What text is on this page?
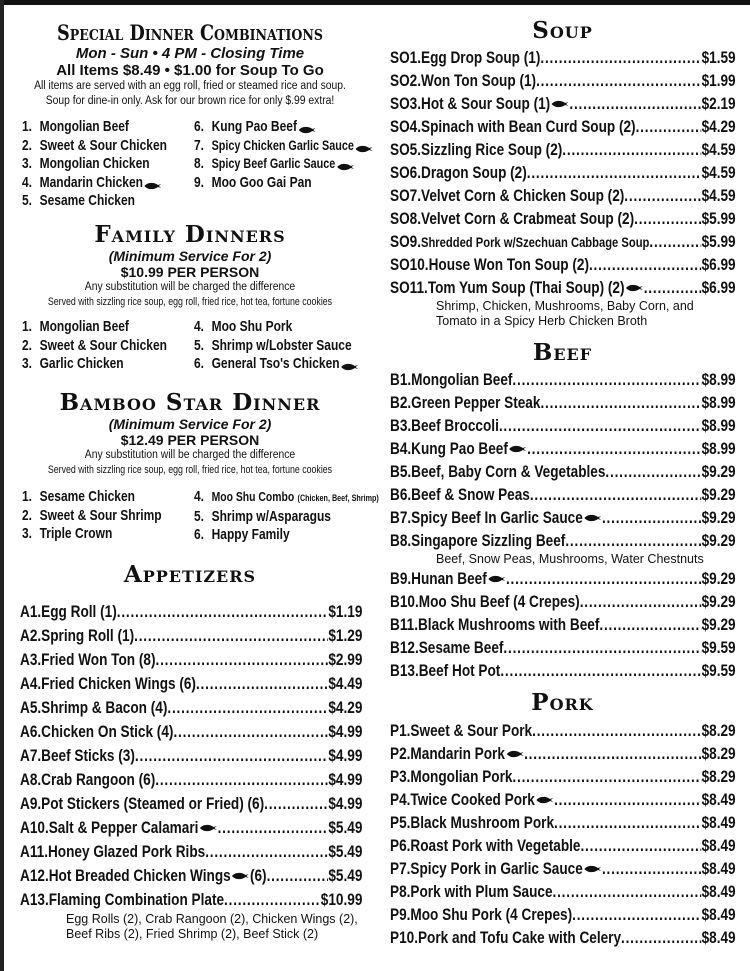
Special Dinner Combinations
Mon - Sun • 4 PM - Closing Time
All Items $8.49 • $1.00 for Soup To Go
All items are served with an egg roll, fried or steamed rice and soup.
Soup for dine-in only. Ask for our brown rice for only $.99 extra!
1. Mongolian Beef
2. Sweet & Sour Chicken
3. Mongolian Chicken
4. Mandarin Chicken
5. Sesame Chicken
6. Kung Pao Beef
7. Spicy Chicken Garlic Sauce
8. Spicy Beef Garlic Sauce
9. Moo Goo Gai Pan
Family Dinners
(Minimum Service For 2)
$10.99 PER PERSON
Any substitution will be charged the difference
Served with sizzling rice soup, egg roll, fried rice, hot tea, fortune cookies
1. Mongolian Beef
2. Sweet & Sour Chicken
3. Garlic Chicken
4. Moo Shu Pork
5. Shrimp w/Lobster Sauce
6. General Tso's Chicken
Bamboo Star Dinner
(Minimum Service For 2)
$12.49 PER PERSON
Any substitution will be charged the difference
Served with sizzling rice soup, egg roll, fried rice, hot tea, fortune cookies
1. Sesame Chicken
2. Sweet & Sour Shrimp
3. Triple Crown
4. Moo Shu Combo (Chicken, Beef, Shrimp)
5. Shrimp w/Asparagus
6. Happy Family
Appetizers
A1. Egg Roll (1) .....	$1.19
A2. Spring Roll (1) .....	$1.29
A3. Fried Won Ton (8) .....	$2.99
A4. Fried Chicken Wings (6) .....	$4.49
A5. Shrimp & Bacon (4) .....	$4.29
A6. Chicken On Stick (4) .....	$4.99
A7. Beef Sticks (3) .....	$4.99
A8. Crab Rangoon (6) .....	$4.99
A9. Pot Stickers (Steamed or Fried) (6) .....	$4.99
A10. Salt & Pepper Calamari .....	$5.49
A11. Honey Glazed Pork Ribs .....	$5.49
A12. Hot Breaded Chicken Wings (6) .....	$5.49
A13. Flaming Combination Plate .....	$10.99
Egg Rolls (2), Crab Rangoon (2), Chicken Wings (2),
Beef Ribs (2), Fried Shrimp (2), Beef Stick (2)
Soup
SO1. Egg Drop Soup (1) .....	$1.59
SO2. Won Ton Soup (1) .....	$1.99
SO3. Hot & Sour Soup (1) .....	$2.19
SO4. Spinach with Bean Curd Soup (2) .....	$4.29
SO5. Sizzling Rice Soup (2) .....	$4.59
SO6. Dragon Soup (2) .....	$4.59
SO7. Velvet Corn & Chicken Soup (2) .....	$4.59
SO8. Velvet Corn & Crabmeat Soup (2) .....	$5.99
SO9. Shredded Pork w/Szechuan Cabbage Soup .....	$5.99
SO10. House Won Ton Soup (2) .....	$6.99
SO11. Tom Yum Soup (Thai Soup) (2) .....	$6.99
Shrimp, Chicken, Mushrooms, Baby Corn, and
Tomato in a Spicy Herb Chicken Broth
Beef
B1. Mongolian Beef .....	$8.99
B2. Green Pepper Steak .....	$8.99
B3. Beef Broccoli .....	$8.99
B4. Kung Pao Beef .....	$8.99
B5. Beef, Baby Corn & Vegetables .....	$9.29
B6. Beef & Snow Peas .....	$9.29
B7. Spicy Beef In Garlic Sauce .....	$9.29
B8. Singapore Sizzling Beef .....	$9.29
Beef, Snow Peas, Mushrooms, Water Chestnuts
B9. Hunan Beef .....	$9.29
B10. Moo Shu Beef (4 Crepes) .....	$9.29
B11. Black Mushrooms with Beef .....	$9.29
B12. Sesame Beef .....	$9.59
B13. Beef Hot Pot .....	$9.59
Pork
P1. Sweet & Sour Pork .....	$8.29
P2. Mandarin Pork .....	$8.29
P3. Mongolian Pork .....	$8.29
P4. Twice Cooked Pork .....	$8.49
P5. Black Mushroom Pork .....	$8.49
P6. Roast Pork with Vegetable .....	$8.49
P7. Spicy Pork in Garlic Sauce .....	$8.49
P8. Pork with Plum Sauce .....	$8.49
P9. Moo Shu Pork (4 Crepes) .....	$8.49
P10. Pork and Tofu Cake with Celery .....	$8.49
